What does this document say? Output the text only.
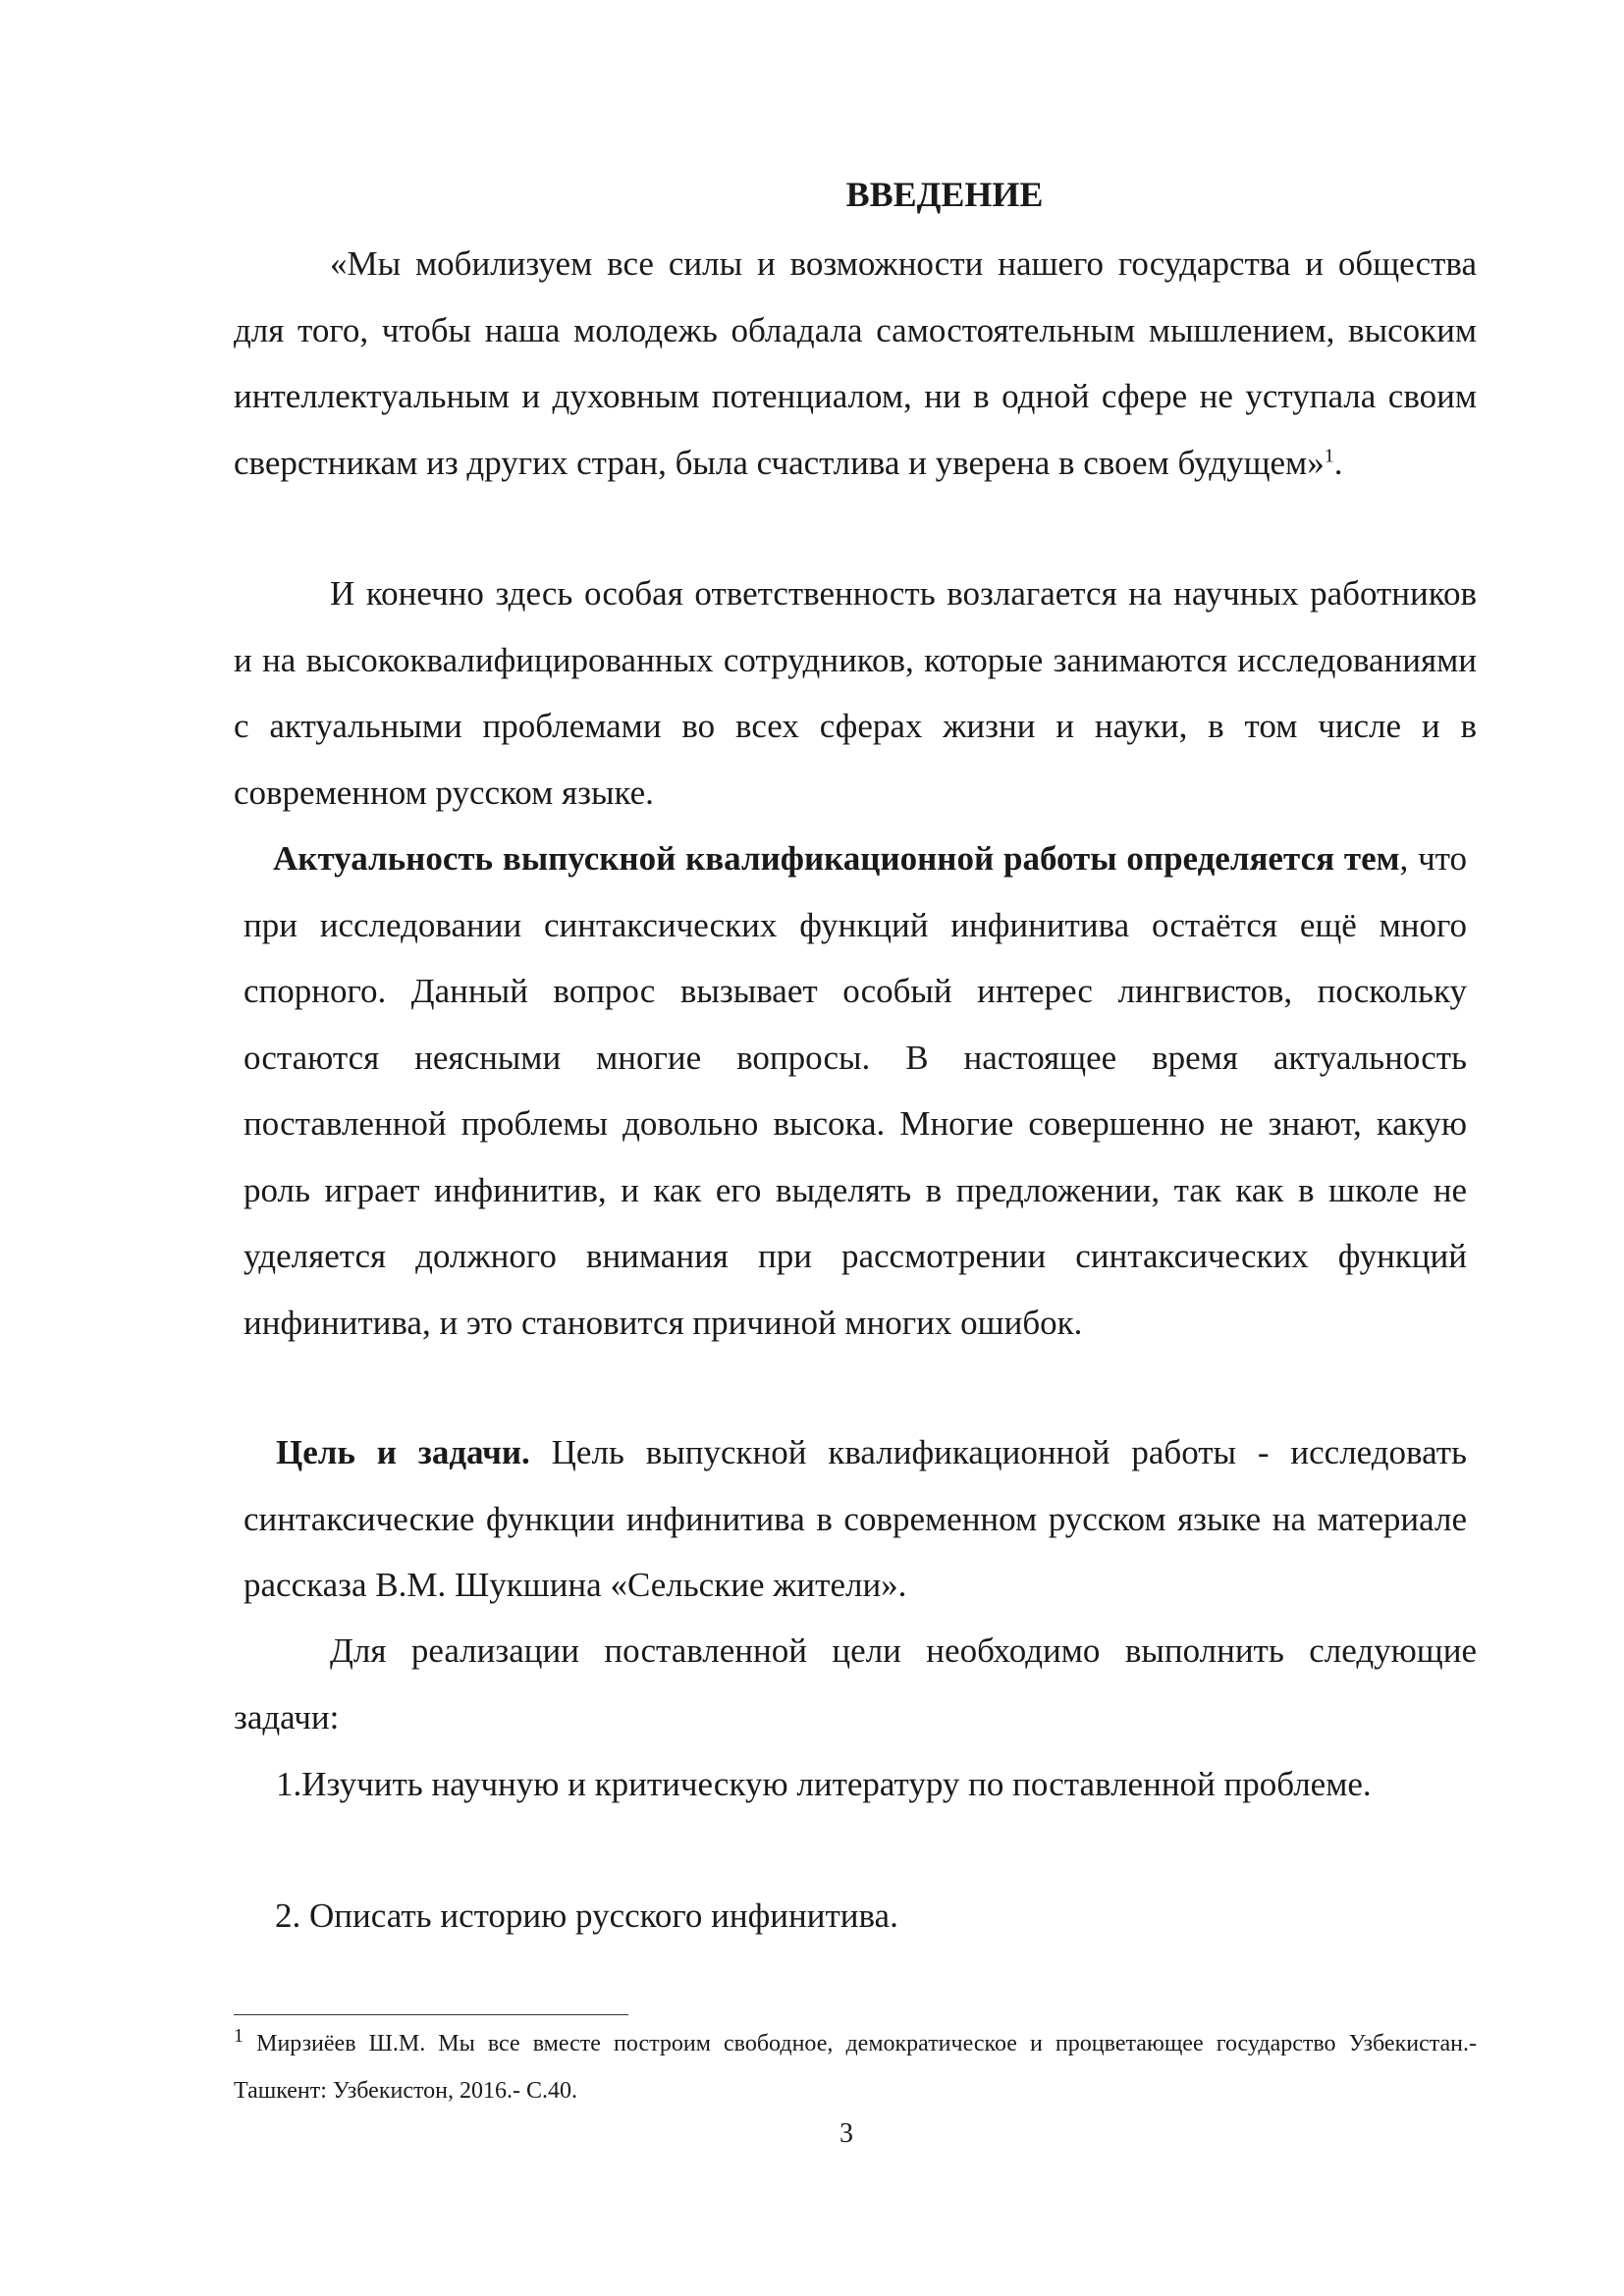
ВВЕДЕНИЕ

«Мы мобилизуем все силы и возможности нашего государства и общества для того, чтобы наша молодежь обладала самостоятельным мышлением, высоким интеллектуальным и духовным потенциалом, ни в одной сфере не уступала своим сверстникам из других стран, была счастлива и уверена в своем будущем»$^1$.

И конечно здесь особая ответственность возлагается на научных работников и на высококвалифицированных сотрудников, которые занимаются исследованиями с актуальными проблемами во всех сферах жизни и науки, в том числе и в современном русском языке.

Актуальность выпускной квалификационной работы определяется тем, что при исследовании синтаксических функций инфинитива остаётся ещё много спорного. Данный вопрос вызывает особый интерес лингвистов, поскольку остаются неясными многие вопросы. В настоящее время актуальность поставленной проблемы довольно высока. Многие совершенно не знают, какую роль играет инфинитив, и как его выделять в предложении, так как в школе не уделяется должного внимания при рассмотрении синтаксических функций инфинитива, и это становится причиной многих ошибок.

Цель и задачи. Цель выпускной квалификационной работы - исследовать синтаксические функции инфинитива в современном русском языке на материале рассказа В.М. Шукшина «Сельские жители».

Для реализации поставленной цели необходимо выполнить следующие задачи:

1.Изучить научную и критическую литературу по поставленной проблеме.

2. Описать историю русского инфинитива.

$^1$ Мирзиёев Ш.М. Мы все вместе построим свободное, демократическое и процветающее государство Узбекистан.- Ташкент: Узбекистон, 2016.- С.40.

3
